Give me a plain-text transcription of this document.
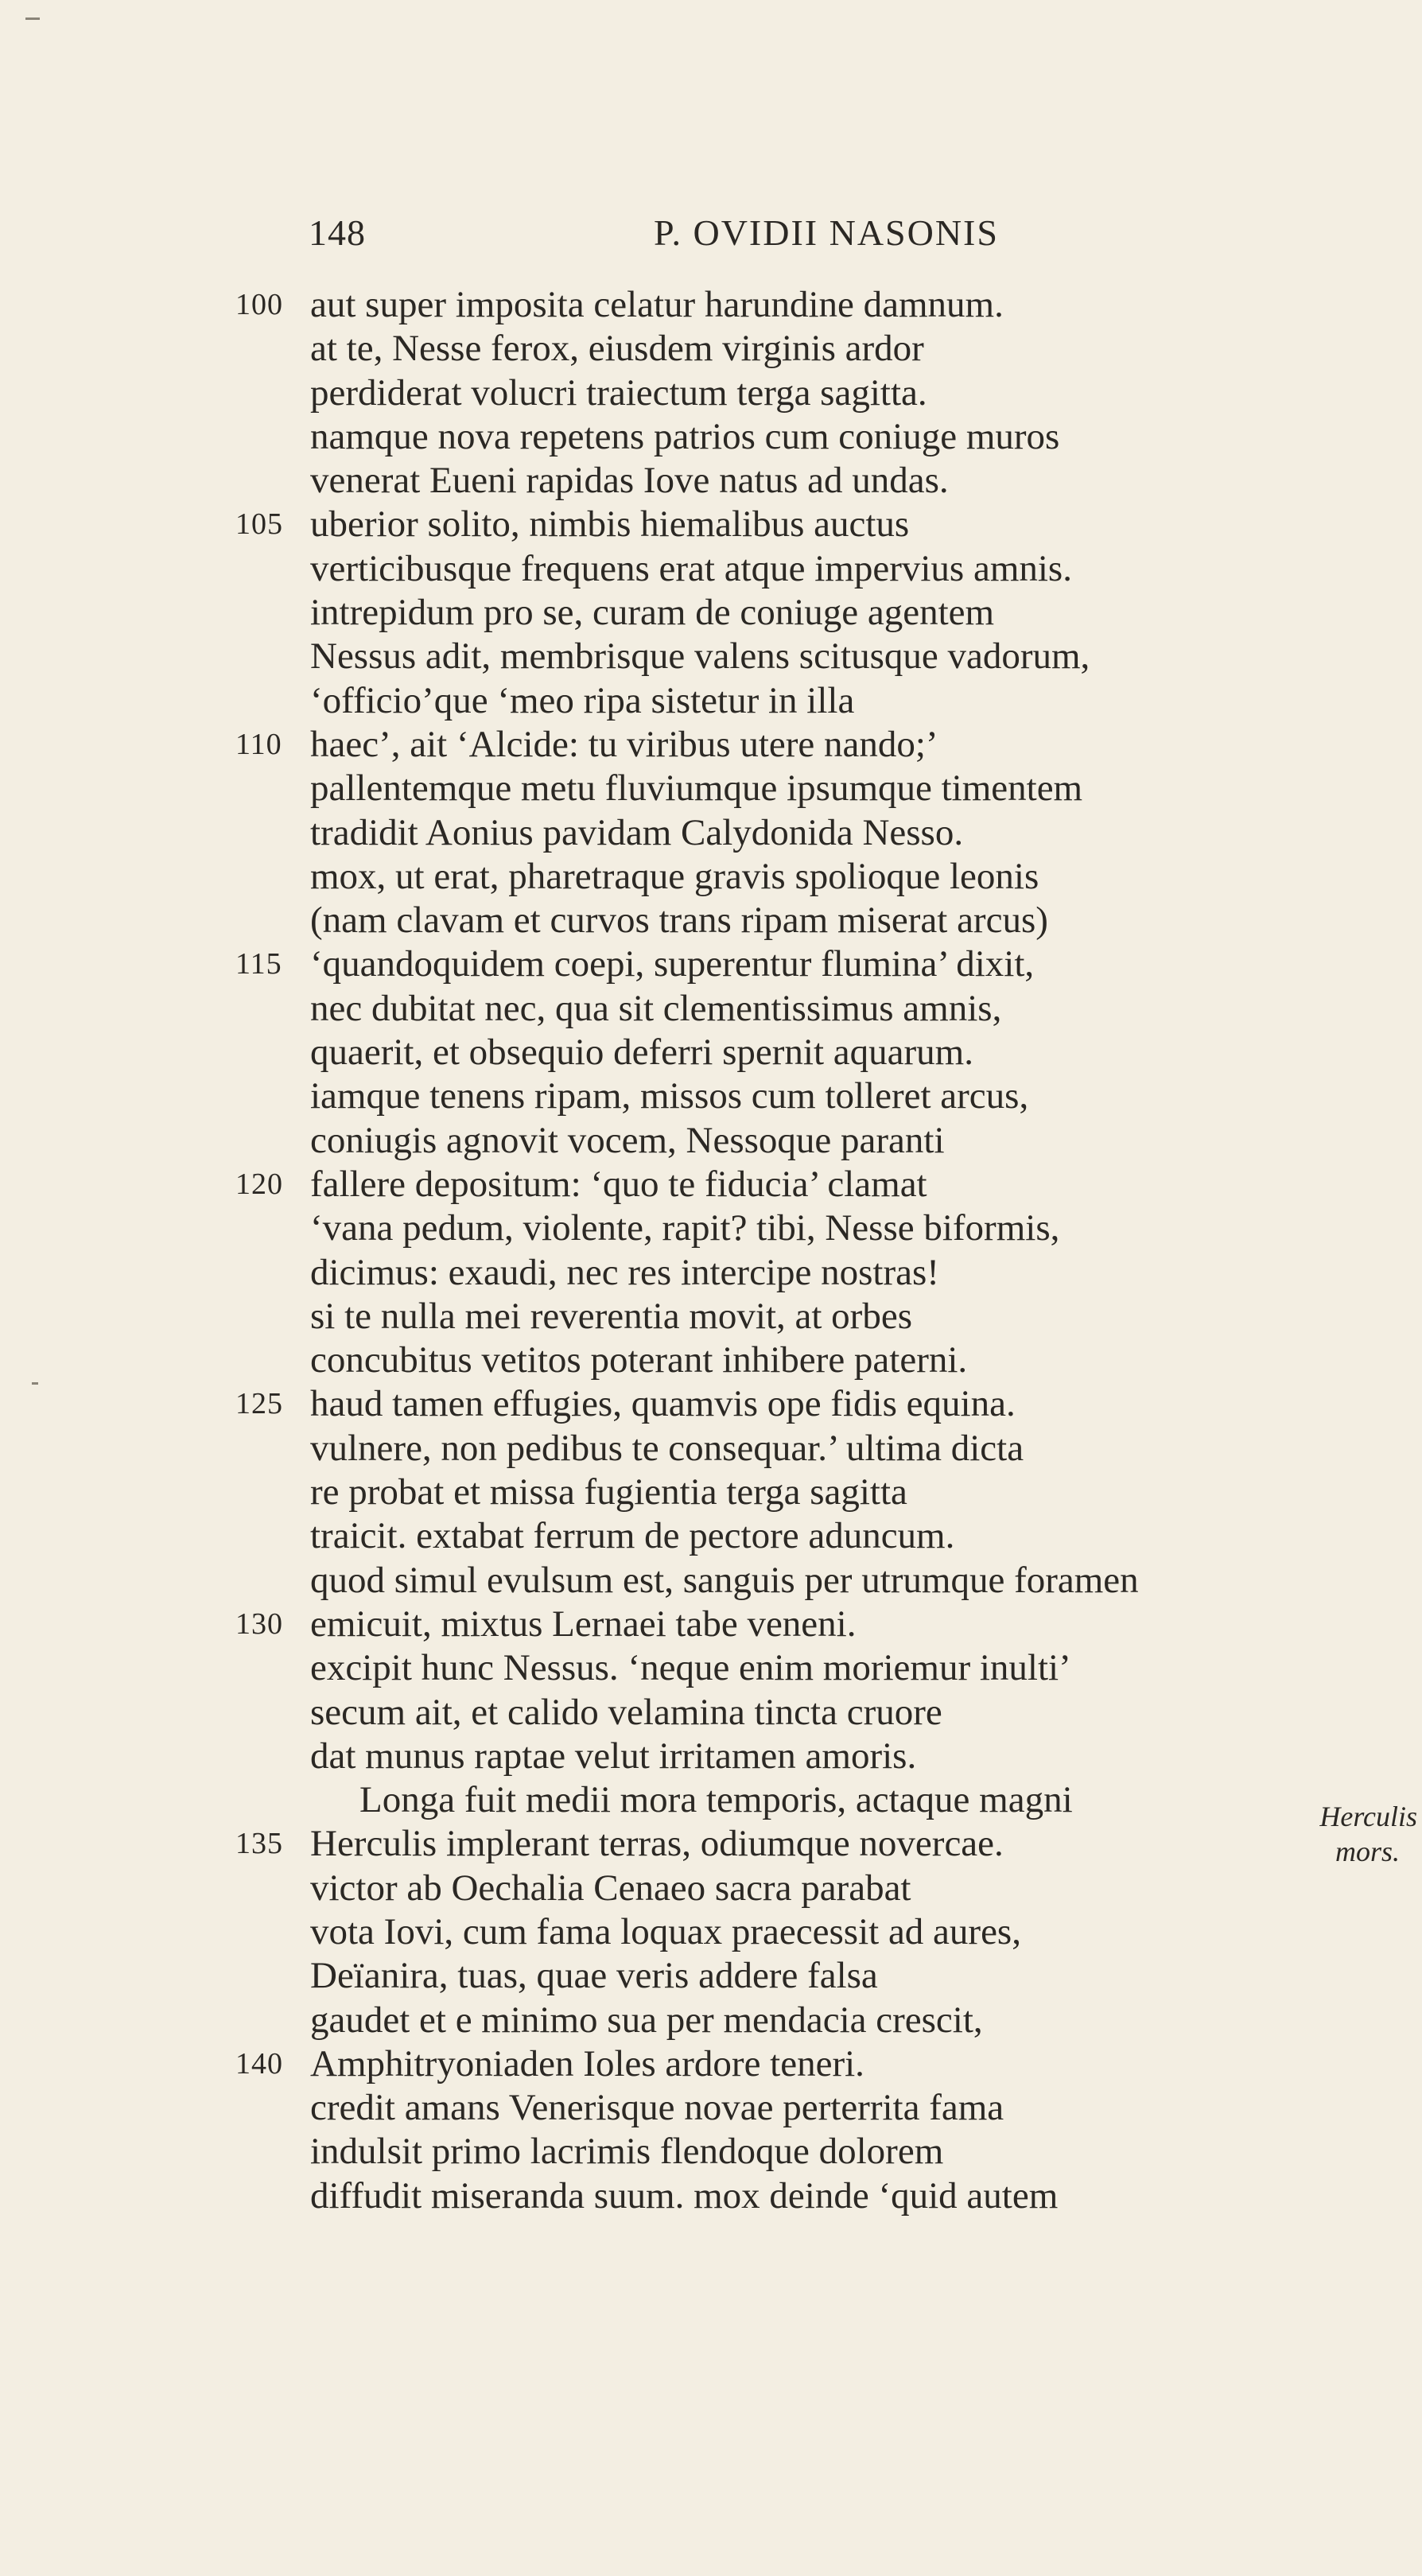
148	P. OVIDII NASONIS
100 aut super imposita celatur harundine damnum.
at te, Nesse ferox, eiusdem virginis ardor
perdiderat volucri traiectum terga sagitta.
namque nova repetens patrios cum coniuge muros
venerat Eueni rapidas Iove natus ad undas.
105 uberior solito, nimbis hiemalibus auctus
verticibusque frequens erat atque impervius amnis.
intrepidum pro se, curam de coniuge agentem
Nessus adit, membrisque valens scitusque vadorum,
‘officio’que ‘meo ripa sistetur in illa
110 haec’, ait ‘Alcide: tu viribus utere nando;’
pallentemque metu fluviumque ipsumque timentem
tradidit Aonius pavidam Calydonida Nesso.
mox, ut erat, pharetraque gravis spolioque leonis
(nam clavam et curvos trans ripam miserat arcus)
115 ‘quandoquidem coepi, superentur flumina’ dixit,
nec dubitat nec, qua sit clementissimus amnis,
quaerit, et obsequio deferri spernit aquarum.
iamque tenens ripam, missos cum tolleret arcus,
coniugis agnovit vocem, Nessoque paranti
120 fallere depositum: ‘quo te fiducia’ clamat
‘vana pedum, violente, rapit? tibi, Nesse biformis,
dicimus: exaudi, nec res intercipe nostras!
si te nulla mei reverentia movit, at orbes
concubitus vetitos poterant inhibere paterni.
125 haud tamen effugies, quamvis ope fidis equina.
vulnere, non pedibus te consequar.’ ultima dicta
re probat et missa fugientia terga sagitta
traicit. extabat ferrum de pectore aduncum.
quod simul evulsum est, sanguis per utrumque foramen
130 emicuit, mixtus Lernaei tabe veneni.
excipit hunc Nessus. ‘neque enim moriemur inulti’
secum ait, et calido velamina tincta cruore
dat munus raptae velut irritamen amoris.
Longa fuit medii mora temporis, actaque magni
135 Herculis implerant terras, odiumque novercae.
victor ab Oechalia Cenaeo sacra parabat
vota Iovi, cum fama loquax praecessit ad aures,
Deïanira, tuas, quae veris addere falsa
gaudet et e minimo sua per mendacia crescit,
140 Amphitryoniaden Ioles ardore teneri.
credit amans Venerisque novae perterrita fama
indulsit primo lacrimis flendoque dolorem
diffudit miseranda suum. mox deinde ‘quid autem
Herculis
mors.
